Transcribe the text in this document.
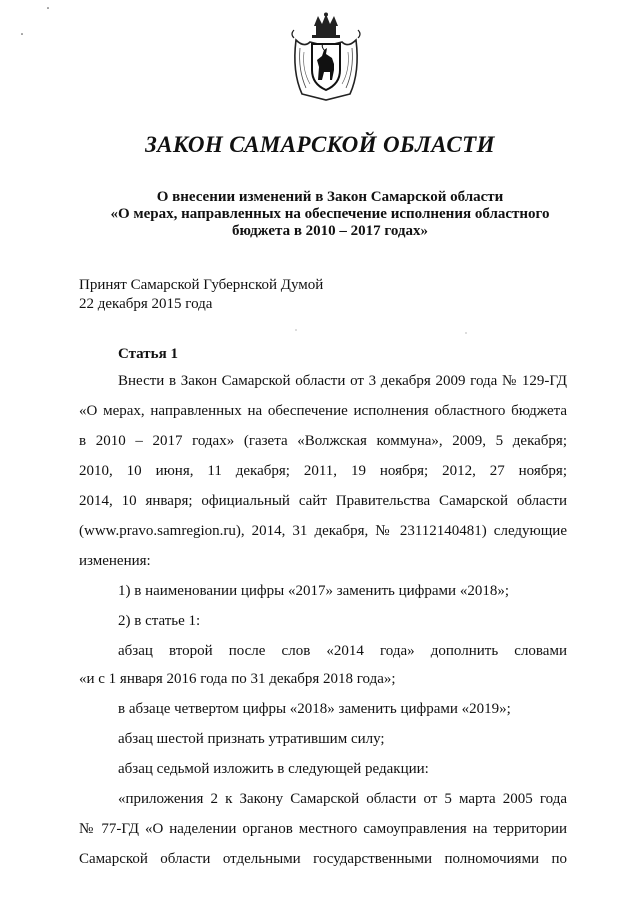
ЗАКОН САМАРСКОЙ ОБЛАСТИ
О внесении изменений в Закон Самарской области
«О мерах, направленных на обеспечение исполнения областного
бюджета в 2010 – 2017 годах»
Принят Самарской Губернской Думой
22 декабря 2015 года
Статья 1
Внести в Закон Самарской области от 3 декабря 2009 года № 129-ГД
«О мерах, направленных на обеспечение исполнения областного бюджета
в 2010 – 2017 годах» (газета «Волжская коммуна», 2009, 5 декабря;
2010, 10 июня, 11 декабря; 2011, 19 ноября; 2012, 27 ноября;
2014, 10 января; официальный сайт Правительства Самарской области
(www.pravo.samregion.ru), 2014, 31 декабря, № 23112140481) следующие
изменения:
1) в наименовании цифры «2017» заменить цифрами «2018»;
2) в статье 1:
абзац второй после слов «2014 года» дополнить словами
«и с 1 января 2016 года по 31 декабря 2018 года»;
в абзаце четвертом цифры «2018» заменить цифрами «2019»;
абзац шестой признать утратившим силу;
абзац седьмой изложить в следующей редакции:
«приложения 2 к Закону Самарской области от 5 марта 2005 года
№ 77-ГД «О наделении органов местного самоуправления на территории
Самарской области отдельными государственными полномочиями по
